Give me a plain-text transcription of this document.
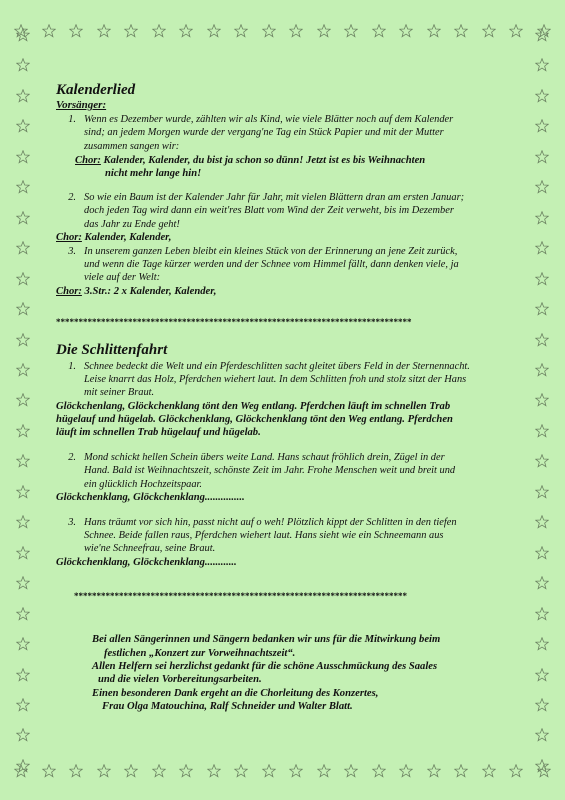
Kalenderlied
Vorsänger:
1. Wenn es Dezember wurde, zählten wir als Kind, wie viele Blätter noch auf dem Kalender
sind; an jedem Morgen wurde der vergang'ne Tag ein Stück Papier und mit der Mutter
zusammen sangen wir:
Chor: Kalender, Kalender, du bist ja schon so dünn! Jetzt ist es bis Weihnachten
nicht mehr lange hin!
2. So wie ein Baum ist der Kalender Jahr für Jahr, mit vielen Blättern dran am ersten Januar;
doch jeden Tag wird dann ein weit'res Blatt vom Wind der Zeit verweht, bis im Dezember
das Jahr zu Ende geht!
Chor: Kalender, Kalender,
3. In unserem ganzen Leben bleibt ein kleines Stück von der Erinnerung an jene Zeit zurück,
und wenn die Tage kürzer werden und der Schnee vom Himmel fällt, dann denken viele, ja
viele auf der Welt:
Chor: 3.Str.: 2 x Kalender, Kalender,
*******************************************************************************
Die Schlittenfahrt
1. Schnee bedeckt die Welt und ein Pferdeschlitten sacht gleitet übers Feld in der Sternennacht.
Leise knarrt das Holz, Pferdchen wiehert laut. In dem Schlitten froh und stolz sitzt der Hans
mit seiner Braut.
Glöckchenlang, Glöckchenklang tönt den Weg entlang. Pferdchen läuft im schnellen Trab
hügelauf und hügelab. Glöckchenklang, Glöckchenklang tönt den Weg entlang. Pferdchen
läuft im schnellen Trab hügelauf und hügelab.
2. Mond schickt hellen Schein übers weite Land. Hans schaut fröhlich drein, Zügel in der
Hand. Bald ist Weihnachtszeit, schönste Zeit im Jahr. Frohe Menschen weit und breit und
ein glücklich Hochzeitspaar.
Glöckchenklang, Glöckchenklang...............
3. Hans träumt vor sich hin, passt nicht auf o weh! Plötzlich kippt der Schlitten in den tiefen
Schnee. Beide fallen raus, Pferdchen wiehert laut. Hans sieht wie ein Schneemann aus
wie'ne Schneefrau, seine Braut.
Glöckchenklang, Glöckchenklang............
**************************************************************************
Bei allen Sängerinnen und Sängern bedanken wir uns für die Mitwirkung beim
festlichen „Konzert zur Vorweihnachtszeit“.
Allen Helfern sei herzlichst gedankt für die schöne Ausschmückung des Saales
und die vielen Vorbereitungsarbeiten.
Einen besonderen Dank ergeht an die Chorleitung des Konzertes,
Frau Olga Matouchina, Ralf Schneider und Walter Blatt.
